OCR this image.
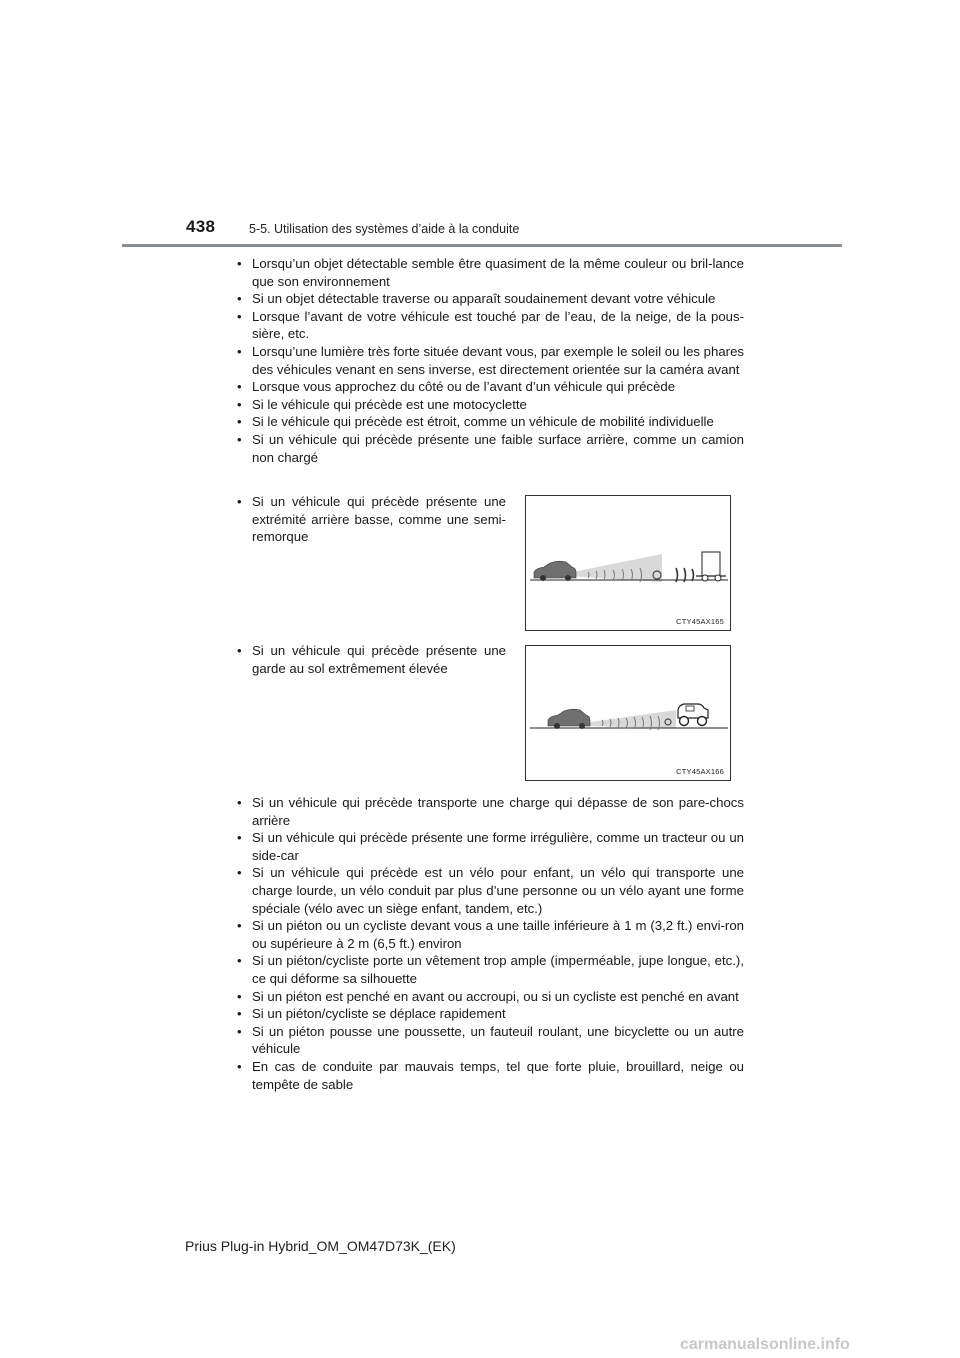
438	5-5. Utilisation des systèmes d’aide à la conduite
• Lorsqu’un objet détectable semble être quasiment de la même couleur ou bril-lance que son environnement
• Si un objet détectable traverse ou apparaît soudainement devant votre véhicule
• Lorsque l’avant de votre véhicule est touché par de l’eau, de la neige, de la pous-sière, etc.
• Lorsqu’une lumière très forte située devant vous, par exemple le soleil ou les phares des véhicules venant en sens inverse, est directement orientée sur la caméra avant
• Lorsque vous approchez du côté ou de l’avant d’un véhicule qui précède
• Si le véhicule qui précède est une motocyclette
• Si le véhicule qui précède est étroit, comme un véhicule de mobilité individuelle
• Si un véhicule qui précède présente une faible surface arrière, comme un camion non chargé
• Si un véhicule qui précède présente une extrémité arrière basse, comme une semi-remorque
CTY45AX165
• Si un véhicule qui précède présente une garde au sol extrêmement élevée
CTY45AX166
• Si un véhicule qui précède transporte une charge qui dépasse de son pare-chocs arrière
• Si un véhicule qui précède présente une forme irrégulière, comme un tracteur ou un side-car
• Si un véhicule qui précède est un vélo pour enfant, un vélo qui transporte une charge lourde, un vélo conduit par plus d’une personne ou un vélo ayant une forme spéciale (vélo avec un siège enfant, tandem, etc.)
• Si un piéton ou un cycliste devant vous a une taille inférieure à 1 m (3,2 ft.) envi-ron ou supérieure à 2 m (6,5 ft.) environ
• Si un piéton/cycliste porte un vêtement trop ample (imperméable, jupe longue, etc.), ce qui déforme sa silhouette
• Si un piéton est penché en avant ou accroupi, ou si un cycliste est penché en avant
• Si un piéton/cycliste se déplace rapidement
• Si un piéton pousse une poussette, un fauteuil roulant, une bicyclette ou un autre véhicule
• En cas de conduite par mauvais temps, tel que forte pluie, brouillard, neige ou tempête de sable
Prius Plug-in Hybrid_OM_OM47D73K_(EK)
carmanualsonline.info
